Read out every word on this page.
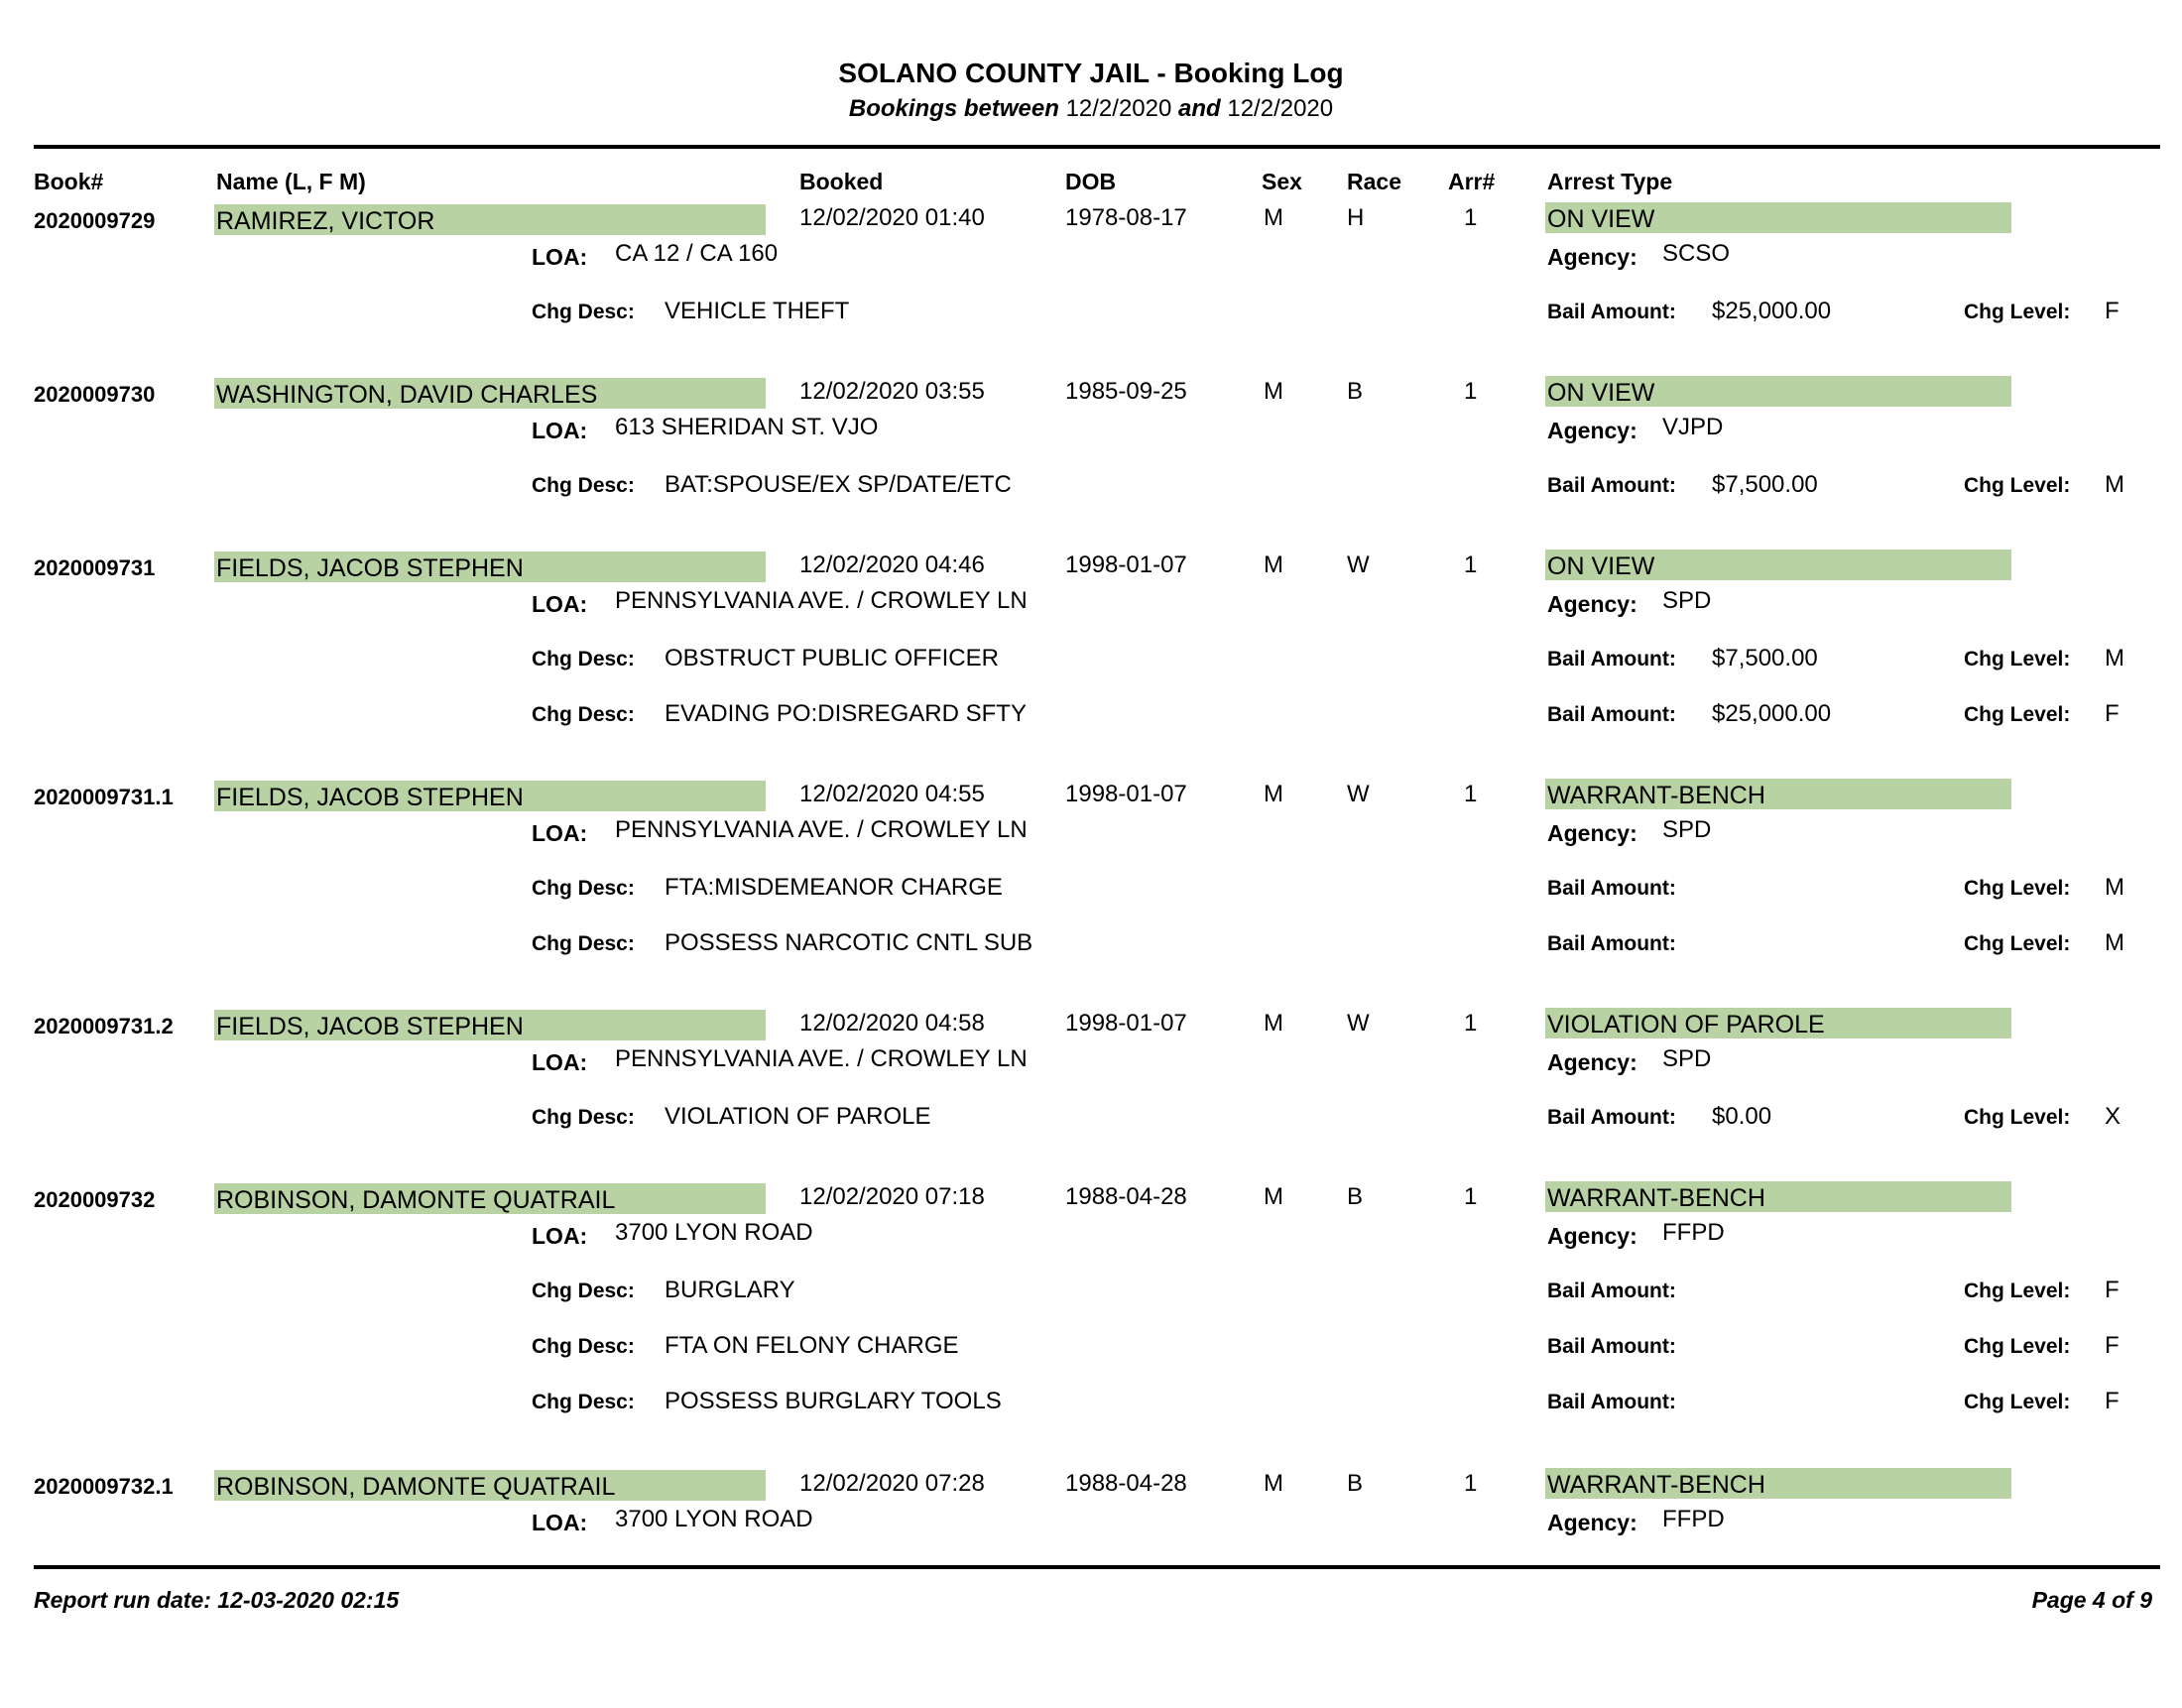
SOLANO COUNTY JAIL - Booking Log
Bookings between 12/2/2020 and 12/2/2020
Book#	Name (L, F M)	Booked	DOB	Sex Race Arr# Arrest Type
2020009729 RAMIREZ, VICTOR	12/02/2020 01:40	1978-08-17	M	H	1	ON VIEW
LOA: CA 12 / CA 160	Agency: SCSO
Chg Desc: VEHICLE THEFT	Bail Amount: $25,000.00	Chg Level: F
2020009730 WASHINGTON, DAVID CHARLES	12/02/2020 03:55	1985-09-25	M	B	1	ON VIEW
LOA: 613 SHERIDAN ST. VJO	Agency: VJPD
Chg Desc: BAT:SPOUSE/EX SP/DATE/ETC	Bail Amount: $7,500.00	Chg Level: M
2020009731 FIELDS, JACOB STEPHEN	12/02/2020 04:46	1998-01-07	M	W	1	ON VIEW
LOA: PENNSYLVANIA AVE. / CROWLEY LN	Agency: SPD
Chg Desc: OBSTRUCT PUBLIC OFFICER	Bail Amount: $7,500.00	Chg Level: M
Chg Desc: EVADING PO:DISREGARD SFTY	Bail Amount: $25,000.00	Chg Level: F
2020009731.1 FIELDS, JACOB STEPHEN	12/02/2020 04:55	1998-01-07	M	W	1	WARRANT-BENCH
LOA: PENNSYLVANIA AVE. / CROWLEY LN	Agency: SPD
Chg Desc: FTA:MISDEMEANOR CHARGE	Bail Amount:	Chg Level: M
Chg Desc: POSSESS NARCOTIC CNTL SUB	Bail Amount:	Chg Level: M
2020009731.2 FIELDS, JACOB STEPHEN	12/02/2020 04:58	1998-01-07	M	W	1	VIOLATION OF PAROLE
LOA: PENNSYLVANIA AVE. / CROWLEY LN	Agency: SPD
Chg Desc: VIOLATION OF PAROLE	Bail Amount: $0.00	Chg Level: X
2020009732 ROBINSON, DAMONTE QUATRAIL	12/02/2020 07:18	1988-04-28	M	B	1	WARRANT-BENCH
LOA: 3700 LYON ROAD	Agency: FFPD
Chg Desc: BURGLARY	Bail Amount:	Chg Level: F
Chg Desc: FTA ON FELONY CHARGE	Bail Amount:	Chg Level: F
Chg Desc: POSSESS BURGLARY TOOLS	Bail Amount:	Chg Level: F
2020009732.1 ROBINSON, DAMONTE QUATRAIL	12/02/2020 07:28	1988-04-28	M	B	1	WARRANT-BENCH
LOA: 3700 LYON ROAD	Agency: FFPD
Report run date: 12-03-2020 02:15	Page 4 of 9
